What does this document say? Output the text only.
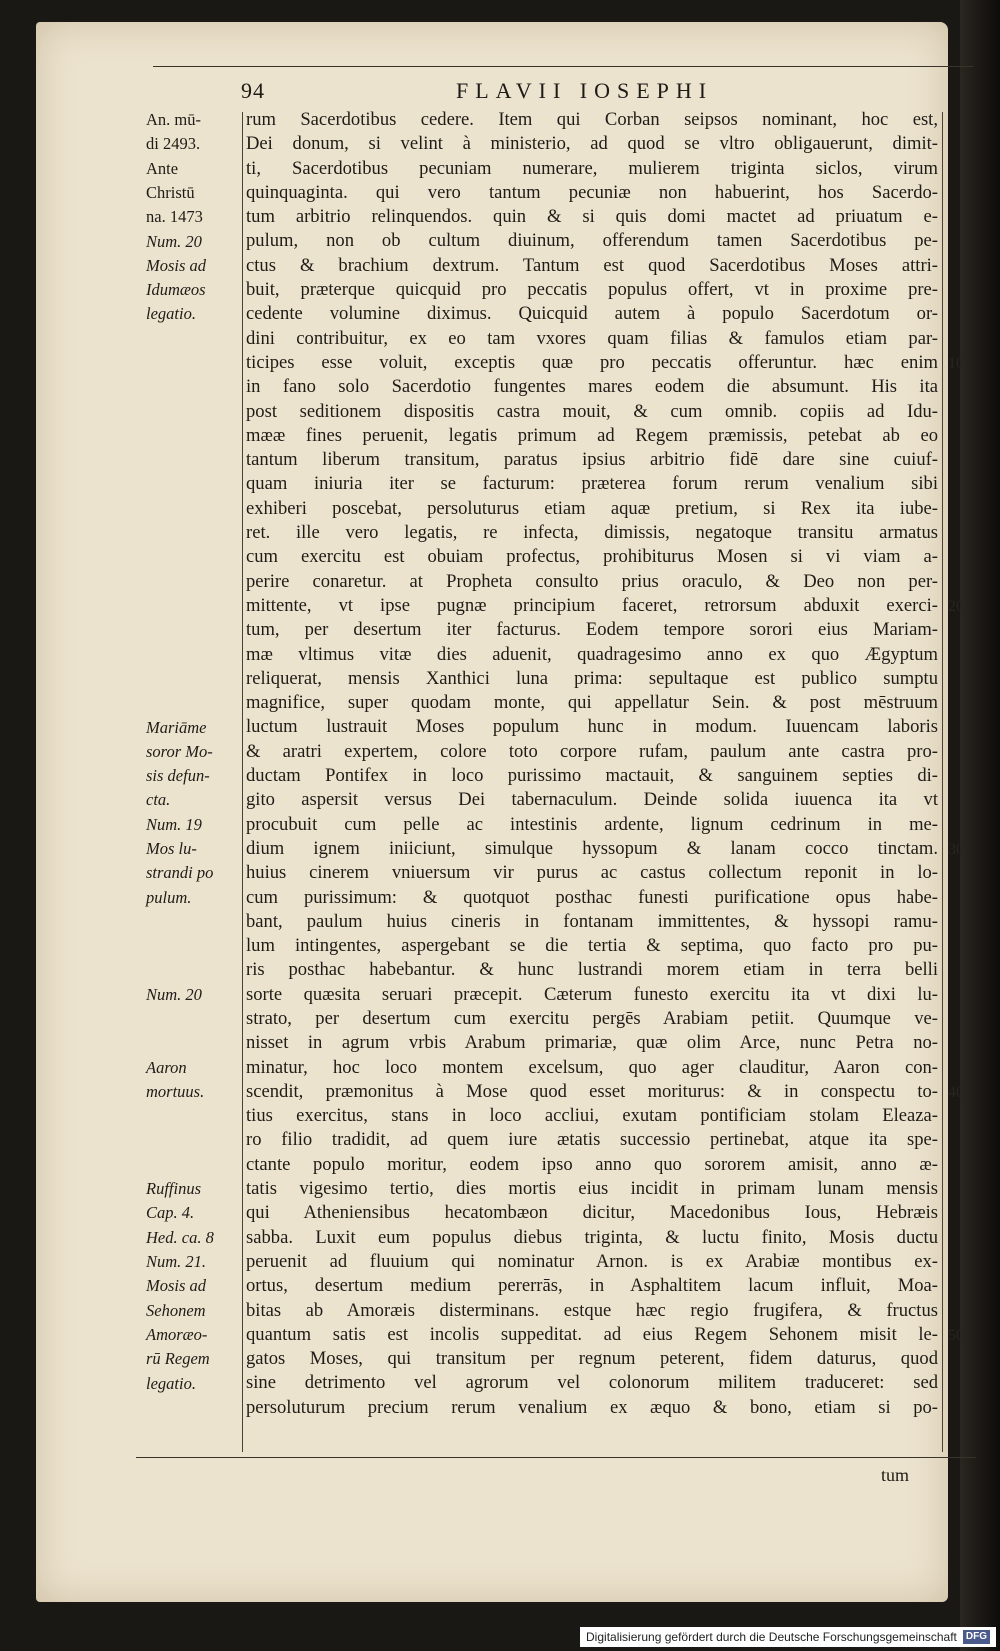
94	FLAVII IOSEPHI
rum Sacerdotibus cedere. Item qui Corban seipsos nominant, hoc est,
Dei donum, si velint à ministerio, ad quod se vltro obligauerunt, dimit-
ti, Sacerdotibus pecuniam numerare, mulierem triginta siclos, virum
quinquaginta. qui vero tantum pecuniæ non habuerint, hos Sacerdo-
tum arbitrio relinquendos. quin & si quis domi mactet ad priuatum e-
pulum, non ob cultum diuinum, offerendum tamen Sacerdotibus pe-
ctus & brachium dextrum. Tantum est quod Sacerdotibus Moses attri-
buit, præterque quicquid pro peccatis populus offert, vt in proxime pre-
cedente volumine diximus. Quicquid autem à populo Sacerdotum or-
dini contribuitur, ex eo tam vxores quam filias & famulos etiam par-
ticipes esse voluit, exceptis quæ pro peccatis offeruntur. hæc enim
in fano solo Sacerdotio fungentes mares eodem die absumunt. His ita
post seditionem dispositis castra mouit, & cum omnib. copiis ad Idu-
mææ fines peruenit, legatis primum ad Regem præmissis, petebat ab eo
tantum liberum transitum, paratus ipsius arbitrio fidē dare sine cuiuf-
quam iniuria iter se facturum: præterea forum rerum venalium sibi
exhiberi poscebat, persoluturus etiam aquæ pretium, si Rex ita iube-
ret. ille vero legatis, re infecta, dimissis, negatoque transitu armatus
cum exercitu est obuiam profectus, prohibiturus Mosen si vi viam a-
perire conaretur. at Propheta consulto prius oraculo, & Deo non per-
mittente, vt ipse pugnæ principium faceret, retrorsum abduxit exerci-
tum, per desertum iter facturus. Eodem tempore sorori eius Mariam-
mæ vltimus vitæ dies aduenit, quadragesimo anno ex quo Ægyptum
reliquerat, mensis Xanthici luna prima: sepultaque est publico sumptu
magnifice, super quodam monte, qui appellatur Sein. & post mēstruum
luctum lustrauit Moses populum hunc in modum. Iuuencam laboris
& aratri expertem, colore toto corpore rufam, paulum ante castra pro-
ductam Pontifex in loco purissimo mactauit, & sanguinem septies di-
gito aspersit versus Dei tabernaculum. Deinde solida iuuenca ita vt
procubuit cum pelle ac intestinis ardente, lignum cedrinum in me-
dium ignem iniiciunt, simulque hyssopum & lanam cocco tinctam.
huius cinerem vniuersum vir purus ac castus collectum reponit in lo-
cum purissimum: & quotquot posthac funesti purificatione opus habe-
bant, paulum huius cineris in fontanam immittentes, & hyssopi ramu-
lum intingentes, aspergebant se die tertia & septima, quo facto pro pu-
ris posthac habebantur. & hunc lustrandi morem etiam in terra belli
sorte quæsita seruari præcepit. Cæterum funesto exercitu ita vt dixi lu-
strato, per desertum cum exercitu pergēs Arabiam petiit. Quumque ve-
nisset in agrum vrbis Arabum primariæ, quæ olim Arce, nunc Petra no-
minatur, hoc loco montem excelsum, quo ager clauditur, Aaron con-
scendit, præmonitus à Mose quod esset moriturus: & in conspectu to-
tius exercitus, stans in loco accliui, exutam pontificiam stolam Eleaza-
ro filio tradidit, ad quem iure ætatis successio pertinebat, atque ita spe-
ctante populo moritur, eodem ipso anno quo sororem amisit, anno æ-
tatis vigesimo tertio, dies mortis eius incidit in primam lunam mensis
qui Atheniensibus hecatombæon dicitur, Macedonibus Ious, Hebræis
sabba. Luxit eum populus diebus triginta, & luctu finito, Mosis ductu
peruenit ad fluuium qui nominatur Arnon. is ex Arabiæ montibus ex-
ortus, desertum medium pererrās, in Asphaltitem lacum influit, Moa-
bitas ab Amoræis disterminans. estque hæc regio frugifera, & fructus
quantum satis est incolis suppeditat. ad eius Regem Sehonem misit le-
gatos Moses, qui transitum per regnum peterent, fidem daturus, quod
sine detrimento vel agrorum vel colonorum militem traduceret: sed
persoluturum precium rerum venalium ex æquo & bono, etiam si po-
An. mū-
di 2493.
Ante
Christū
na. 1473
Num. 20
Mosis ad
Idumæos
legatio.
Mariāme
soror Mo-
sis defun-
cta.
Num. 19
Mos lu-
strandi po
pulum.
Num. 20
Aaron
mortuus.
Ruffinus
Cap. 4.
Hed. ca. 8
Num. 21.
Mosis ad
Sehonem
Amoræo-
rū Regem
legatio.
10
20
30
40
50
tum
Digitalisierung gefördert durch die Deutsche Forschungsgemeinschaft DFG
